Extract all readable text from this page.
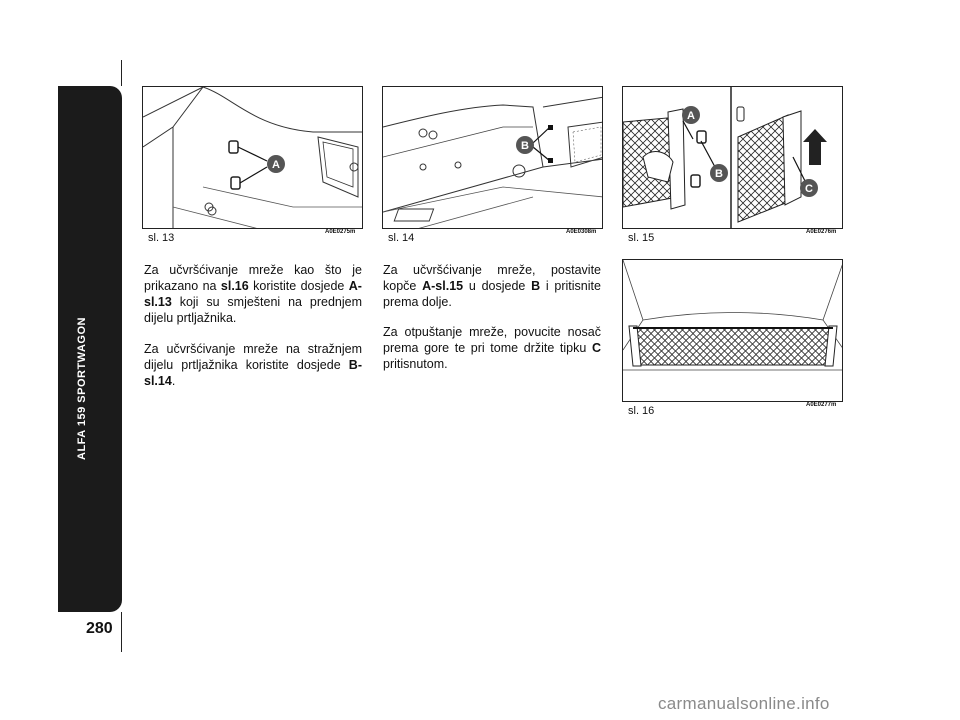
ALFA 159 SPORTWAGON
280
A
sl. 13	A0E0275m
B
sl. 14	A0E0308m
A
B
C
sl. 15	A0E0276m
sl. 16	A0E0277m

Za učvršćivanje mreže kao što je prikazano na sl.16 koristite dosjede A-sl.13 koji su smješteni na prednjem dijelu prtljažnika.

Za učvršćivanje mreže na stražnjem dijelu prtljažnika koristite dosjede B-sl.14.

Za učvršćivanje mreže, postavite kopče A-sl.15 u dosjede B i pritisnite prema dolje.

Za otpuštanje mreže, povucite nosač prema gore te pri tome držite tipku C pritisnutom.

carmanualsonline.info
